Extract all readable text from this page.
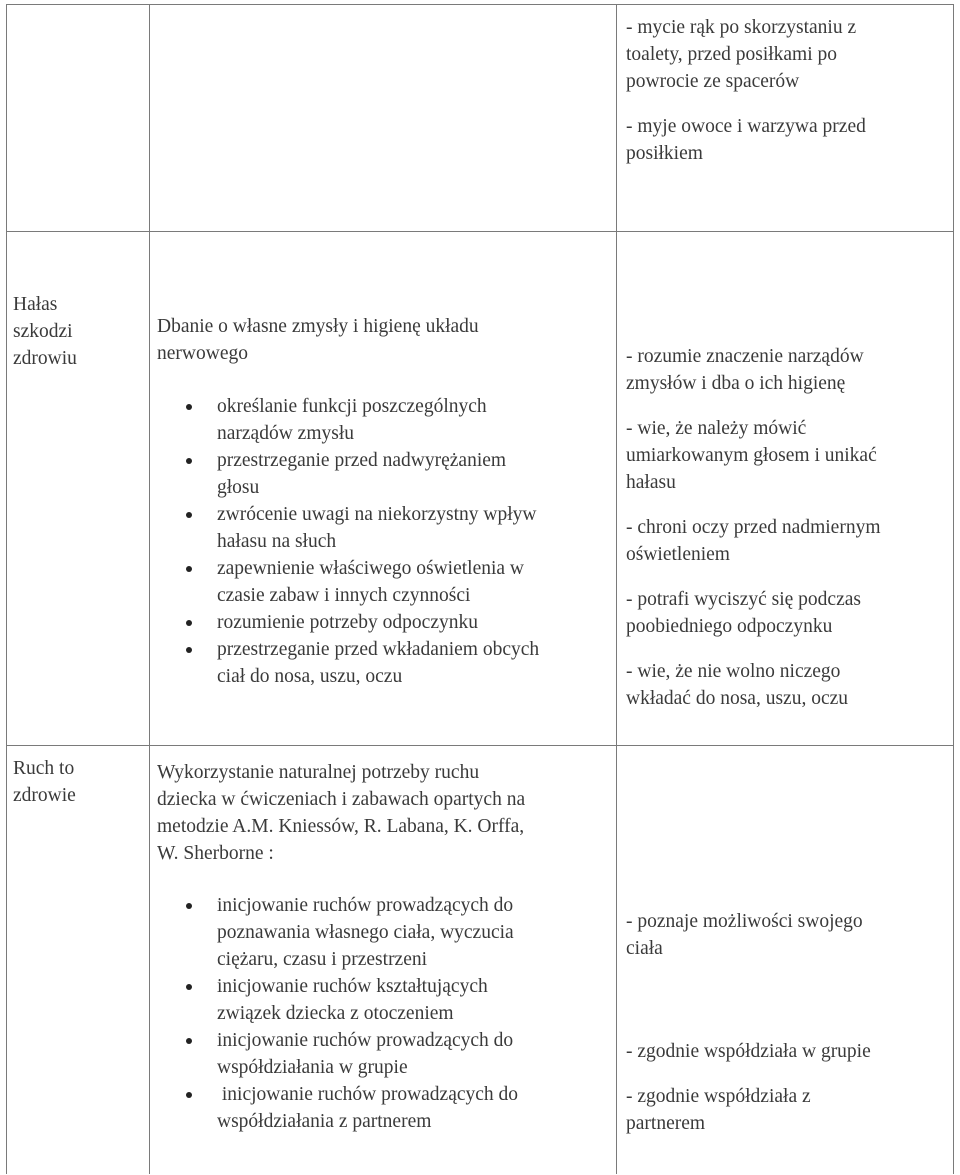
- mycie rąk po skorzystaniu z
toalety, przed posiłkami po
powrocie ze spacerów
- myje owoce i warzywa przed
posiłkiem
Hałas
szkodzi
zdrowiu
Dbanie o własne zmysły i higienę układu
nerwowego
określanie funkcji poszczególnych
narządów zmysłu
przestrzeganie przed nadwyrężaniem
głosu
zwrócenie uwagi na niekorzystny wpływ
hałasu na słuch
zapewnienie właściwego oświetlenia w
czasie zabaw i innych czynności
rozumienie potrzeby odpoczynku
przestrzeganie przed wkładaniem obcych
ciał do nosa, uszu, oczu
- rozumie znaczenie narządów
zmysłów i dba o ich higienę
- wie, że należy mówić
umiarkowanym głosem i unikać
hałasu
- chroni oczy przed nadmiernym
oświetleniem
- potrafi wyciszyć się podczas
poobiedniego odpoczynku
- wie, że nie wolno niczego
wkładać do nosa, uszu, oczu
Ruch to
zdrowie
Wykorzystanie naturalnej potrzeby ruchu
dziecka w ćwiczeniach i zabawach opartych na
metodzie A.M. Kniessów, R. Labana, K. Orffa,
W. Sherborne :
inicjowanie ruchów prowadzących do
poznawania własnego ciała, wyczucia
ciężaru, czasu i przestrzeni
inicjowanie ruchów kształtujących
związek dziecka z otoczeniem
inicjowanie ruchów prowadzących do
współdziałania w grupie
inicjowanie ruchów prowadzących do
współdziałania z partnerem
- poznaje możliwości swojego
ciała
- zgodnie współdziała w grupie
- zgodnie współdziała z
partnerem
